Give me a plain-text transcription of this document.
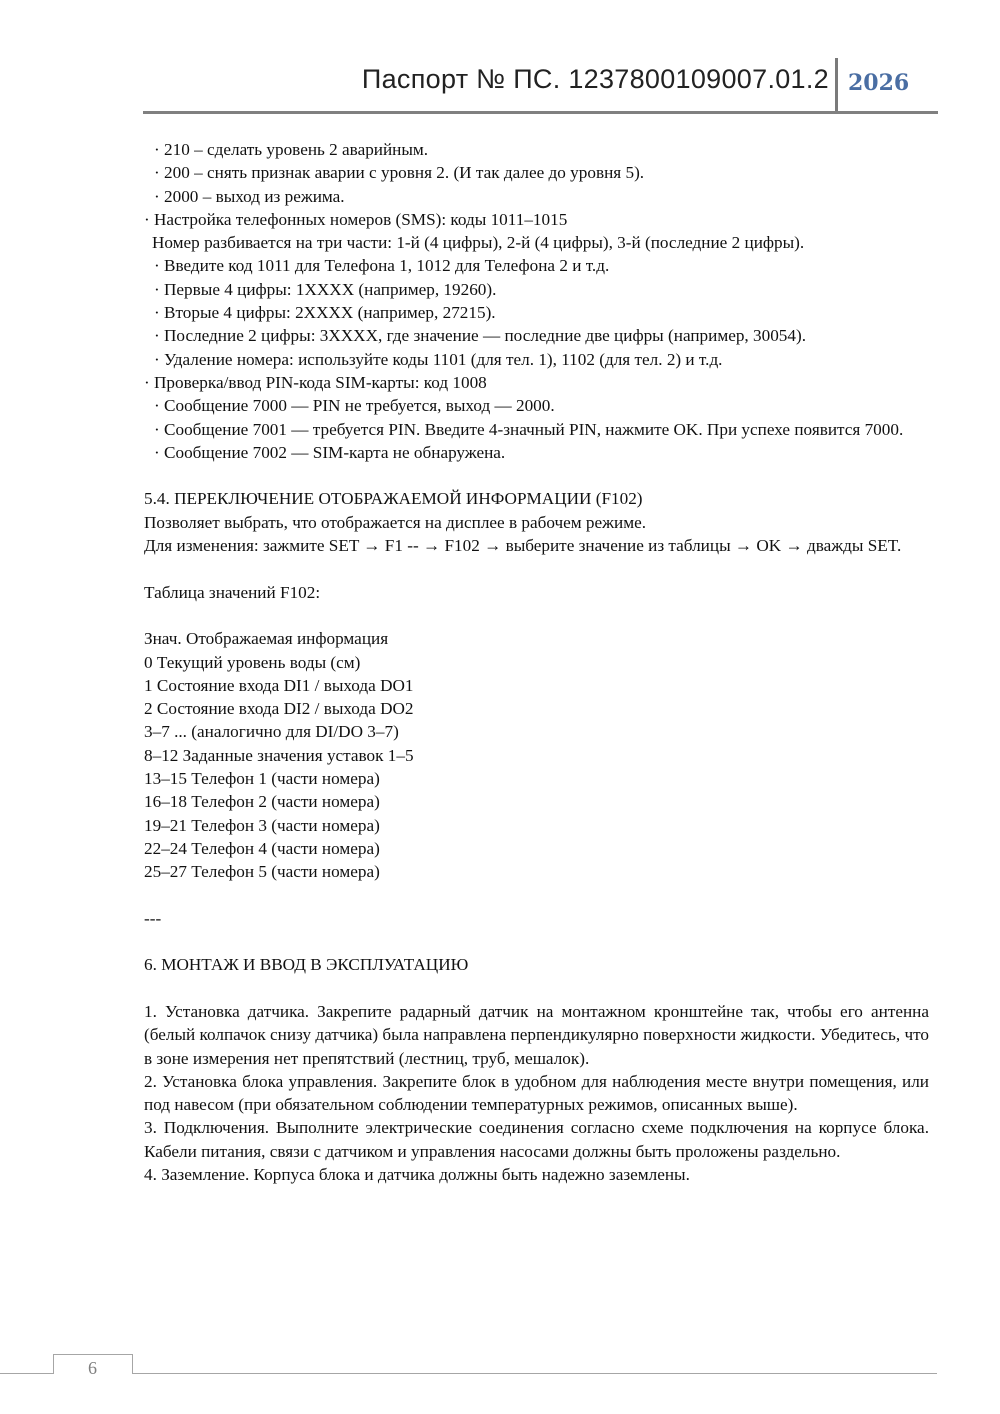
Паспорт № ПС. 1237800109007.01.2 2026

· 210 – сделать уровень 2 аварийным.

· 200 – снять признак аварии с уровня 2. (И так далее до уровня 5).

· 2000 – выход из режима.

· Настройка телефонных номеров (SMS): коды 1011–1015

Номер разбивается на три части: 1-й (4 цифры), 2-й (4 цифры), 3-й (последние 2 цифры).

· Введите код 1011 для Телефона 1, 1012 для Телефона 2 и т.д.

· Первые 4 цифры: 1XXXX (например, 19260).

· Вторые 4 цифры: 2XXXX (например, 27215).

· Последние 2 цифры: 3XXXX, где значение — последние две цифры (например, 30054).

· Удаление номера: используйте коды 1101 (для тел. 1), 1102 (для тел. 2) и т.д.

· Проверка/ввод PIN-кода SIM-карты: код 1008

· Сообщение 7000 — PIN не требуется, выход — 2000.

· Сообщение 7001 — требуется PIN. Введите 4-значный PIN, нажмите OK. При успехе появится 7000.

· Сообщение 7002 — SIM-карта не обнаружена.

5.4. ПЕРЕКЛЮЧЕНИЕ ОТОБРАЖАЕМОЙ ИНФОРМАЦИИ (F102)

Позволяет выбрать, что отображается на дисплее в рабочем режиме.

Для изменения: зажмите SET → F1 -- → F102 → выберите значение из таблицы → OK → дважды SET.

Таблица значений F102:

Знач. Отображаемая информация

0 Текущий уровень воды (см)

1 Состояние входа DI1 / выхода DO1

2 Состояние входа DI2 / выхода DO2

3–7 ... (аналогично для DI/DO 3–7)

8–12 Заданные значения уставок 1–5

13–15 Телефон 1 (части номера)

16–18 Телефон 2 (части номера)

19–21 Телефон 3 (части номера)

22–24 Телефон 4 (части номера)

25–27 Телефон 5 (части номера)

---

6. МОНТАЖ И ВВОД В ЭКСПЛУАТАЦИЮ

1. Установка датчика. Закрепите радарный датчик на монтажном кронштейне так, чтобы его антенна (белый колпачок снизу датчика) была направлена перпендикулярно поверхности жидкости. Убедитесь, что в зоне измерения нет препятствий (лестниц, труб, мешалок).

2. Установка блока управления. Закрепите блок в удобном для наблюдения месте внутри помещения, или под навесом (при обязательном соблюдении температурных режимов, описанных выше).

3. Подключения. Выполните электрические соединения согласно схеме подключения на корпусе блока. Кабели питания, связи с датчиком и управления насосами должны быть проложены раздельно.

4. Заземление. Корпуса блока и датчика должны быть надежно заземлены.

6
